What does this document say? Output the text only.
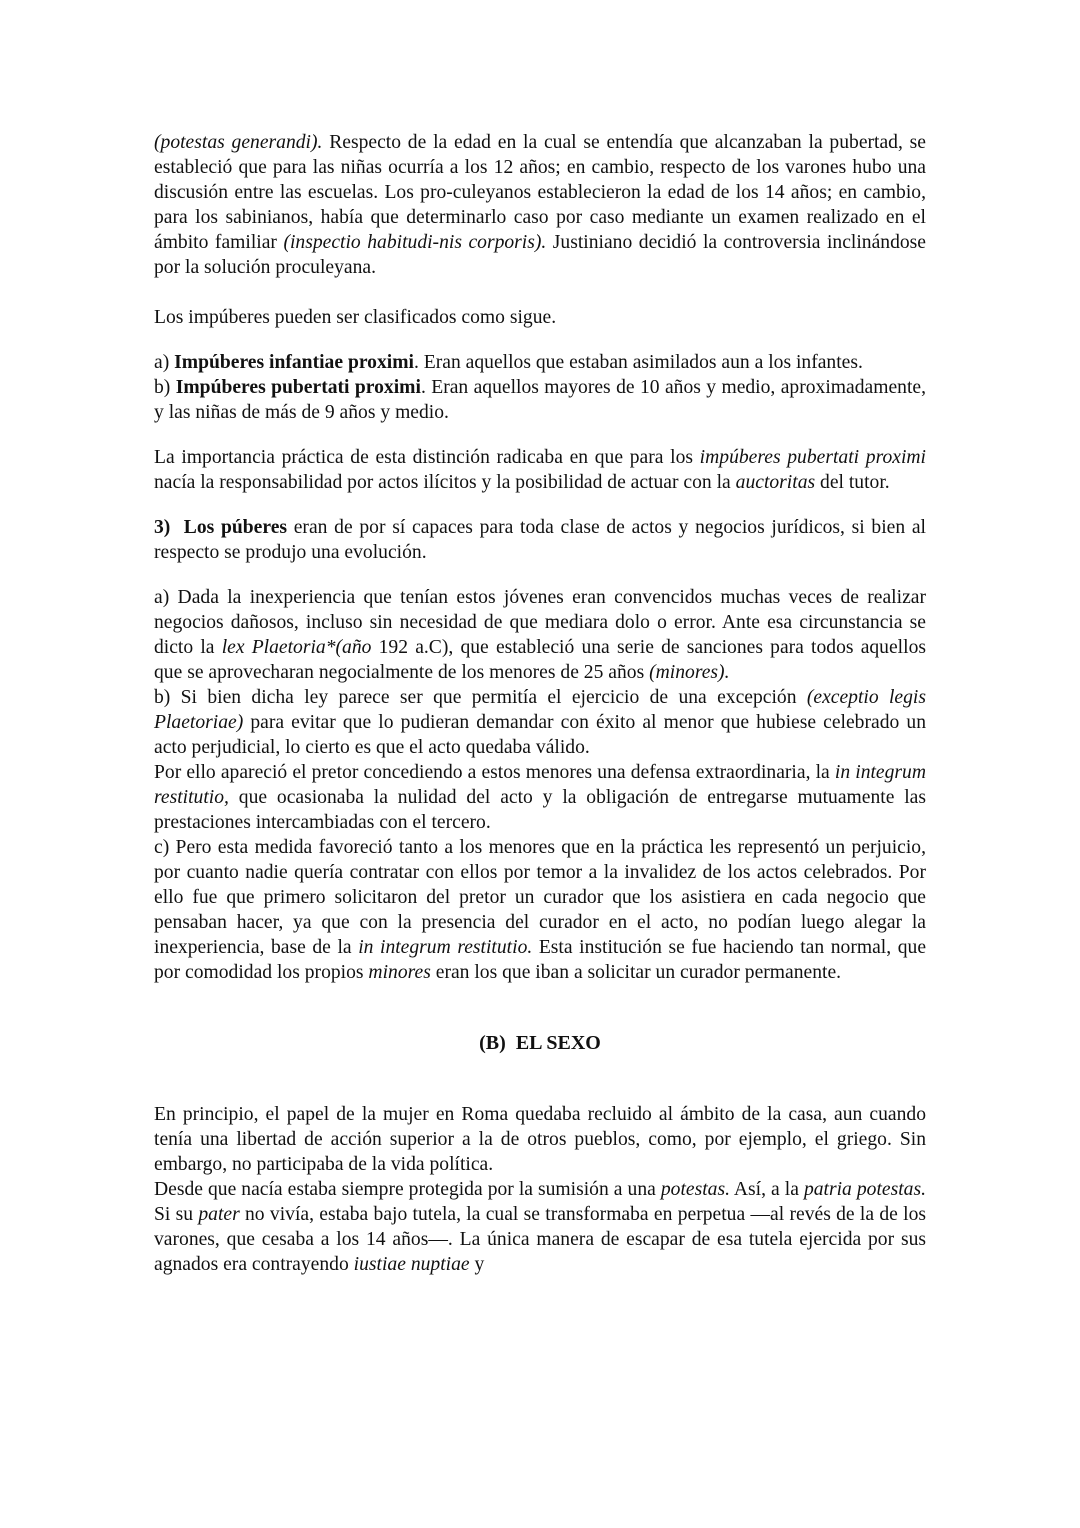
(potestas generandi). Respecto de la edad en la cual se entendía que alcanzaban la pubertad, se estableció que para las niñas ocurría a los 12 años; en cambio, respecto de los varones hubo una discusión entre las escuelas. Los pro-culeyanos establecieron la edad de los 14 años; en cambio, para los sabinianos, había que determinarlo caso por caso mediante un examen realizado en el ámbito familiar (inspectio habitudi-nis corporis). Justiniano decidió la controversia inclinándose por la solución proculeyana.

Los impúberes pueden ser clasificados como sigue.

a) Impúberes infantiae proximi. Eran aquellos que estaban asimilados aun a los infantes.
b) Impúberes pubertati proximi. Eran aquellos mayores de 10 años y medio, aproximadamente, y las niñas de más de 9 años y medio.

La importancia práctica de esta distinción radicaba en que para los impúberes pubertati proximi nacía la responsabilidad por actos ilícitos y la posibilidad de actuar con la auctoritas del tutor.

3)  Los púberes eran de por sí capaces para toda clase de actos y negocios jurídicos, si bien al respecto se produjo una evolución.

a) Dada la inexperiencia que tenían estos jóvenes eran convencidos muchas veces de realizar negocios dañosos, incluso sin necesidad de que mediara dolo o error. Ante esa circunstancia se dicto la lex Plaetoria*(año 192 a.C), que estableció una serie de sanciones para todos aquellos que se aprovecharan negocialmente de los menores de 25 años (minores).
b) Si bien dicha ley parece ser que permitía el ejercicio de una excepción (exceptio legis Plaetoriae) para evitar que lo pudieran demandar con éxito al menor que hubiese celebrado un acto perjudicial, lo cierto es que el acto quedaba válido.
Por ello apareció el pretor concediendo a estos menores una defensa extraordinaria, la in integrum restitutio, que ocasionaba la nulidad del acto y la obligación de entregarse mutuamente las prestaciones intercambiadas con el tercero.
c) Pero esta medida favoreció tanto a los menores que en la práctica les representó un perjuicio, por cuanto nadie quería contratar con ellos por temor a la invalidez de los actos celebrados. Por ello fue que primero solicitaron del pretor un curador que los asistiera en cada negocio que pensaban hacer, ya que con la presencia del curador en el acto, no podían luego alegar la inexperiencia, base de la in integrum restitutio. Esta institución se fue haciendo tan normal, que por comodidad los propios minores eran los que iban a solicitar un curador permanente.

(B) EL SEXO

En principio, el papel de la mujer en Roma quedaba recluido al ámbito de la casa, aun cuando tenía una libertad de acción superior a la de otros pueblos, como, por ejemplo, el griego. Sin embargo, no participaba de la vida política.
Desde que nacía estaba siempre protegida por la sumisión a una potestas. Así, a la patria potestas. Si su pater no vivía, estaba bajo tutela, la cual se transformaba en perpetua —al revés de la de los varones, que cesaba a los 14 años—. La única manera de escapar de esa tutela ejercida por sus agnados era contrayendo iustiae nuptiae y
